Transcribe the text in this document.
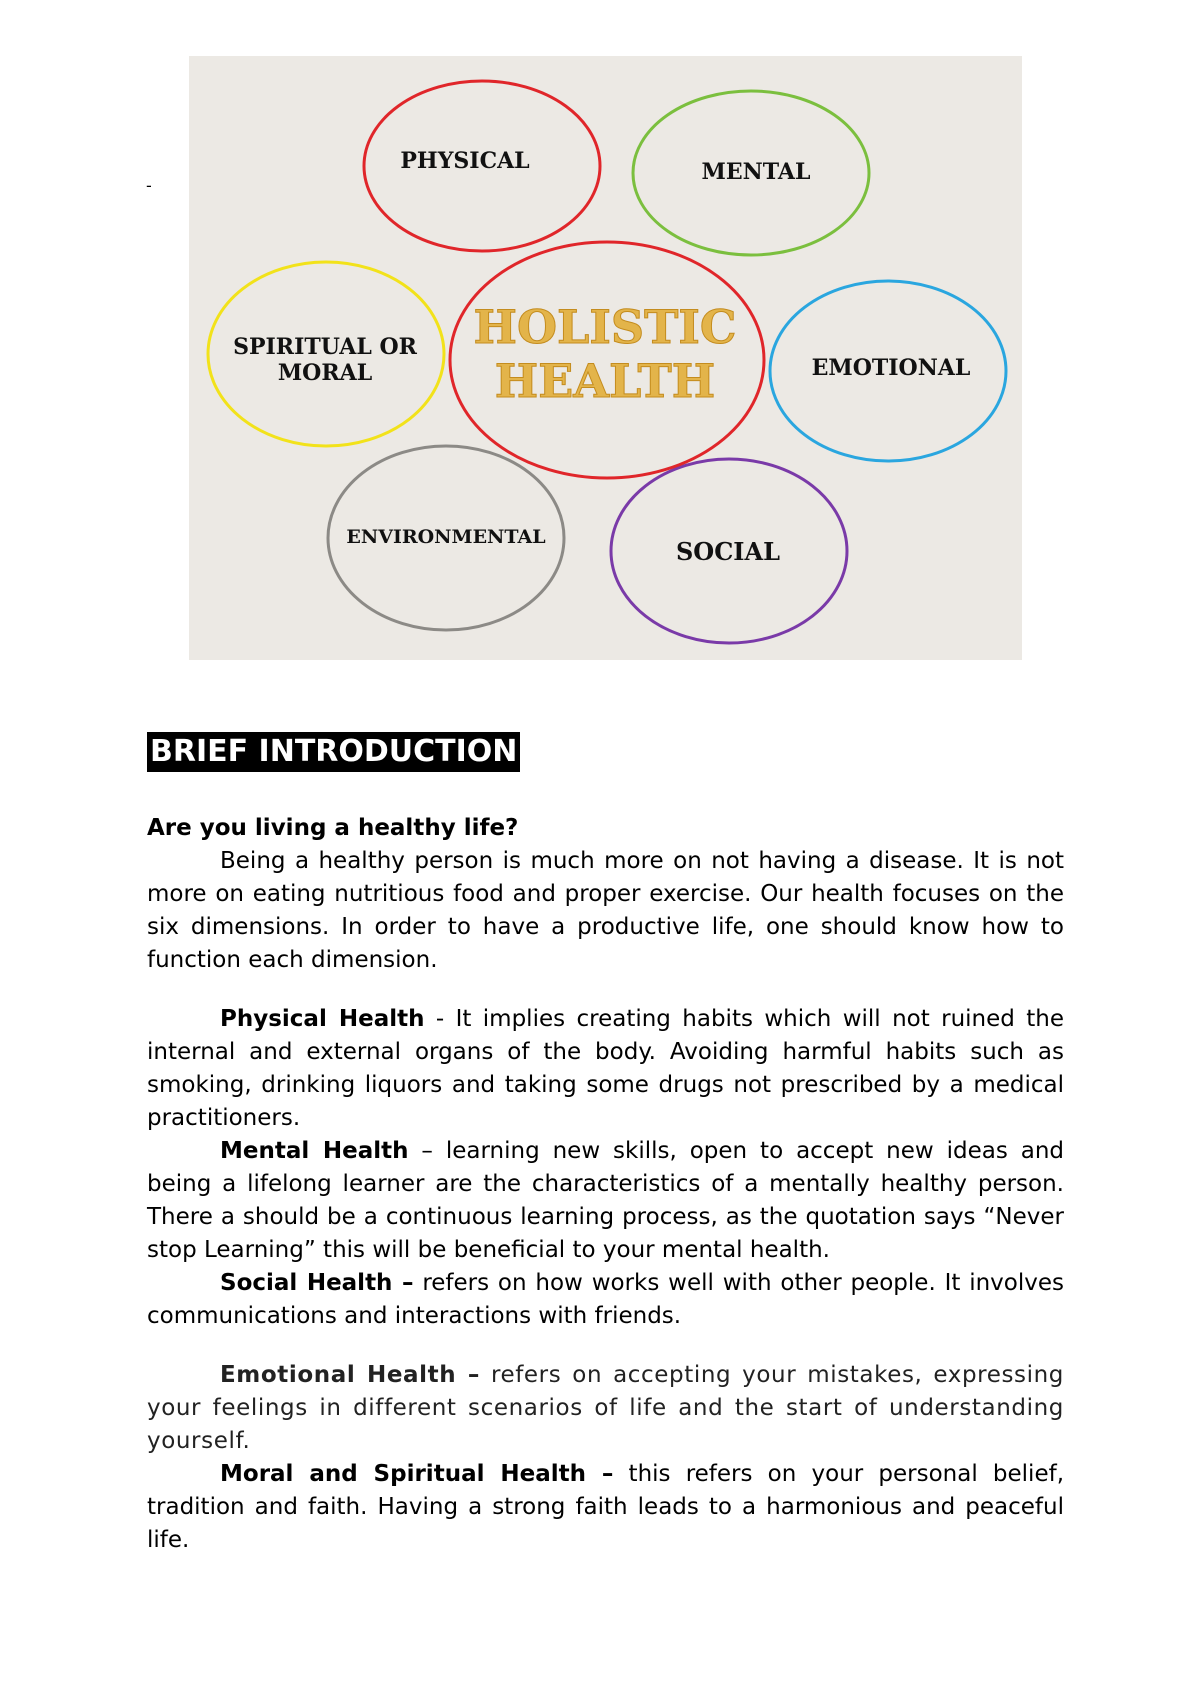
-
PHYSICAL	MENTAL
SPIRITUAL OR
MORAL	EMOTIONAL
ENVIRONMENTAL	SOCIAL
HOLISTIC
HEALTH
BRIEF INTRODUCTION
Are you living a healthy life?

Being a healthy person is much more on not having a disease. It is not more on eating nutritious food and proper exercise. Our health focuses on the six dimensions. In order to have a productive life, one should know how to function each dimension.

Physical Health - It implies creating habits which will not ruined the internal and external organs of the body. Avoiding harmful habits such as smoking, drinking liquors and taking some drugs not prescribed by a medical practitioners.

Mental Health – learning new skills, open to accept new ideas and being a lifelong learner are the characteristics of a mentally healthy person. There a should be a continuous learning process, as the quotation says “Never stop Learning” this will be beneficial to your mental health.

Social Health – refers on how works well with other people. It involves communications and interactions with friends.

Emotional Health – refers on accepting your mistakes, expressing your feelings in different scenarios of life and the start of understanding yourself.

Moral and Spiritual Health – this refers on your personal belief, tradition and faith. Having a strong faith leads to a harmonious and peaceful life.
